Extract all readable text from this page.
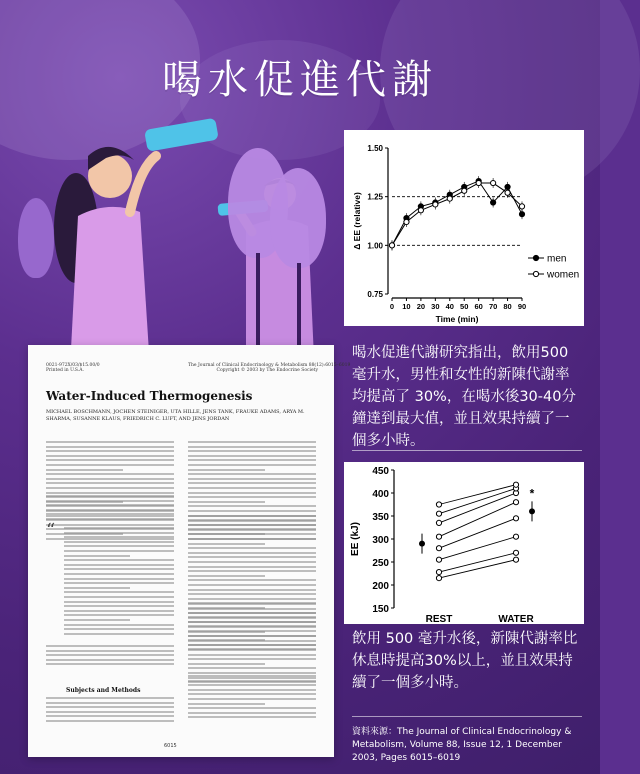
喝水促進代謝
0.75
1.00
1.25
1.50
0 10 20 30 40 50 60 70 80 90
Time (min)
Δ EE (relative)
men
women
喝水促進代謝研究指出，飲用500毫升水，男性和女性的新陳代謝率均提高了 30%，在喝水後30-40分鐘達到最大值，並且效果持續了一個多小時。
0021-972X/03/$15.00/0
Printed in U.S.A.
The Journal of Clinical Endocrinology & Metabolism 88(12):6015–6019
Copyright © 2003 by The Endocrine Society
Water-Induced Thermogenesis
MICHAEL BOSCHMANN, JOCHEN STEINIGER, UTA HILLE, JENS TANK, FRAUKE ADAMS, ARYA M. SHARMA, SUSANNE KLAUS, FRIEDRICH C. LUFT, AND JENS JORDAN
“
Subjects and Methods
6015
150
200
250
300
350
400
450
EE (kJ)
*
REST	WATER
飲用 500 毫升水後，新陳代謝率比休息時提高30%以上，並且效果持續了一個多小時。
資料來源：The Journal of Clinical Endocrinology & Metabolism, Volume 88, Issue 12, 1 December 2003, Pages 6015–6019
